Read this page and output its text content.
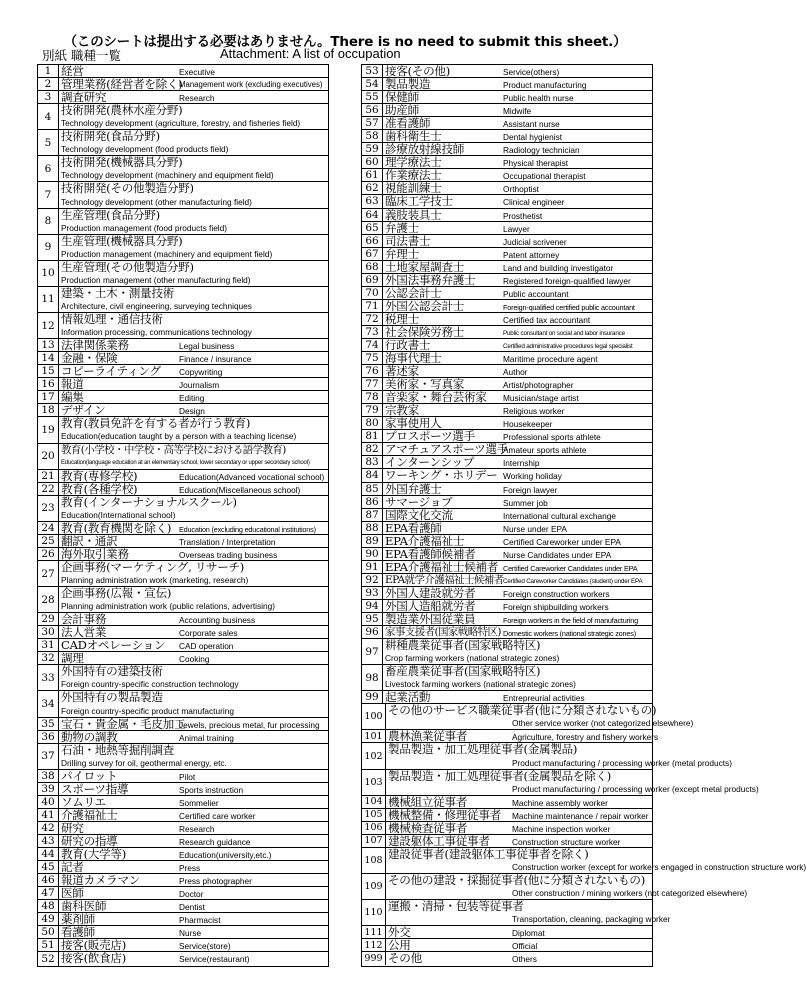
（このシートは提出する必要はありません。There is no need to submit this sheet.）
別紙 職種一覧	Attachment: A list of occupation
1 経営	Executive
2 管理業務(経営者を除く)
Management work (excluding executives)
3 調査研究	Research
4 技術開発(農林水産分野)
Technology development (agriculture, forestry, and fisheries field)
5 技術開発(食品分野)
Technology development (food products field)
6 技術開発(機械器具分野)
Technology development (machinery and equipment field)
7 技術開発(その他製造分野)
Technology development (other manufacturing field)
8 生産管理(食品分野)
Production management (food products field)
9 生産管理(機械器具分野)
Production management (machinery and equipment field)
10 生産管理(その他製造分野)
Production management (other manufacturing field)
11 建築・土木・測量技術
Architecture, civil engineering, surveying techniques
12 情報処理・通信技術
Information processing, communications technology
13 法律関係業務	Legal business
14 金融・保険	Finance / insurance
15 コピーライティング Copywriting
16 報道	Journalism
17 編集	Editing
18 デザイン	Design
19 教育(教員免許を有する者が行う教育)
Education(education taught by a person with a teaching license)
20
教育(小学校・中学校・高等学校における語学教育)
Education(language education at an elementary school, lower secondary or upper secondary school)
21 教育(専修学校)	Education(Advanced vocational school)
22 教育(各種学校)	Education(Miscellaneous school)
23 教育(インターナショナルスクール)
Education(International school)
24 教育(教育機関を除く) Education (excluding educational institutions)
25 翻訳・通訳	Translation / Interpretation
26 海外取引業務	Overseas trading business
27 企画事務(マーケティング, リサーチ)
Planning administration work (marketing, research)
28 企画事務(広報・宣伝)
Planning administration work (public relations, advertising)
29 会計事務	Accounting business
30 法人営業	Corporate sales
31 CADオペレーション CAD operation
32 調理	Cooking
33 外国特有の建築技術
Foreign country-specific construction technology
34 外国特有の製品製造
Foreign country-specific product manufacturing
35 宝石・貴金属・毛皮加工
Jewels, precious metal, fur processing
36 動物の調教	Animal training
37 石油・地熱等掘削調査
Drilling survey for oil, geothermal energy, etc.
38 パイロット	Pilot
39 スポーツ指導	Sports instruction
40 ソムリエ	Sommelier
41 介護福祉士	Certified care worker
42 研究	Research
43 研究の指導	Research guidance
44 教育(大学等)	Education(university,etc.)
45 記者	Press
46 報道カメラマン	Press photographer
47 医師	Doctor
48 歯科医師	Dentist
49 薬剤師	Pharmacist
50 看護師	Nurse
51 接客(販売店)	Service(store)
52 接客(飲食店)	Service(restaurant)
53 接客(その他)	Service(others)
54 製品製造	Product manufacturing
55 保健師	Public health nurse
56 助産師	Midwife
57 准看護師	Assistant nurse
58 歯科衛生士	Dental hygienist
59 診療放射線技師	Radiology technician
60 理学療法士	Physical therapist
61 作業療法士	Occupational therapist
62 視能訓練士	Orthoptist
63 臨床工学技士	Clinical engineer
64 義肢装具士	Prosthetist
65 弁護士	Lawyer
66 司法書士	Judicial scrivener
67 弁理士	Patent attorney
68 土地家屋調査士	Land and building investigator
69 外国法事務弁護士	Registered foreign-qualified lawyer
70 公認会計士	Public accountant
71 外国公認会計士	Foreign-qualified certified public accountant
72 税理士	Certified tax accountant
73 社会保険労務士	Public consultant on social and labor insurance
74 行政書士	Certified administrative procedures legal specialist
75 海事代理士	Maritime procedure agent
76 著述家	Author
77 美術家・写真家	Artist/photographer
78 音楽家・舞台芸術家 Musician/stage artist
79 宗教家	Religious worker
80 家事使用人	Housekeeper
81 プロスポーツ選手	Professional sports athlete
82 アマチュアスポーツ選手
Amateur sports athlete
83 インターンシップ	Internship
84 ワーキング・ホリデー Working holiday
85 外国弁護士	Foreign lawyer
86 サマージョブ	Summer job
87 国際文化交流	International cultural exchange
88 EPA看護師	Nurse under EPA
89 EPA介護福祉士	Certified Careworker under EPA
90 EPA看護師候補者	Nurse Candidates under EPA
91 EPA介護福祉士候補者 Certified Careworker Candidates under EPA
92 EPA就学介護福祉士候補者 Certified Careworker Candidates (student) under EPA
93 外国人建設就労者	Foreign construction workers
94 外国人造船就労者	Foreign shipbuilding workers
95 製造業外国従業員	Foreign workers in the field of manufacturing
96 家事支援者(国家戦略特区) Domestic workers (national strategic zones)
97 耕種農業従事者(国家戦略特区)
Crop farming workers (national strategic zones)
98 畜産農業従事者(国家戦略特区)
Livestock farming workers (national strategic zones)
99 起業活動	Entrepreurial activities
100 その他のサービス職業従事者(他に分類されないもの)
Other service worker (not categorized elsewhere)
101 農林漁業従事者	Agriculture, forestry and fishery workers
102 製品製造・加工処理従事者(金属製品)
Product manufacturing / processing worker (metal products)
103 製品製造・加工処理従事者(金属製品を除く)
Product manufacturing / processing worker (except metal products)
104 機械組立従事者	Machine assembly worker
105 機械整備・修理従事者 Machine maintenance / repair worker
106 機械検査従事者	Machine inspection worker
107 建設躯体工事従事者	Construction structure worker
108 建設従事者(建設躯体工事従事者を除く)
Construction worker (except for workers engaged in construction structure work)
109 その他の建設・採掘従事者(他に分類されないもの)
Other construction / mining workers (not categorized elsewhere)
110 運搬・清掃・包装等従事者
Transportation, cleaning, packaging worker
111 外交	Diplomat
112 公用	Official
999 その他	Others
